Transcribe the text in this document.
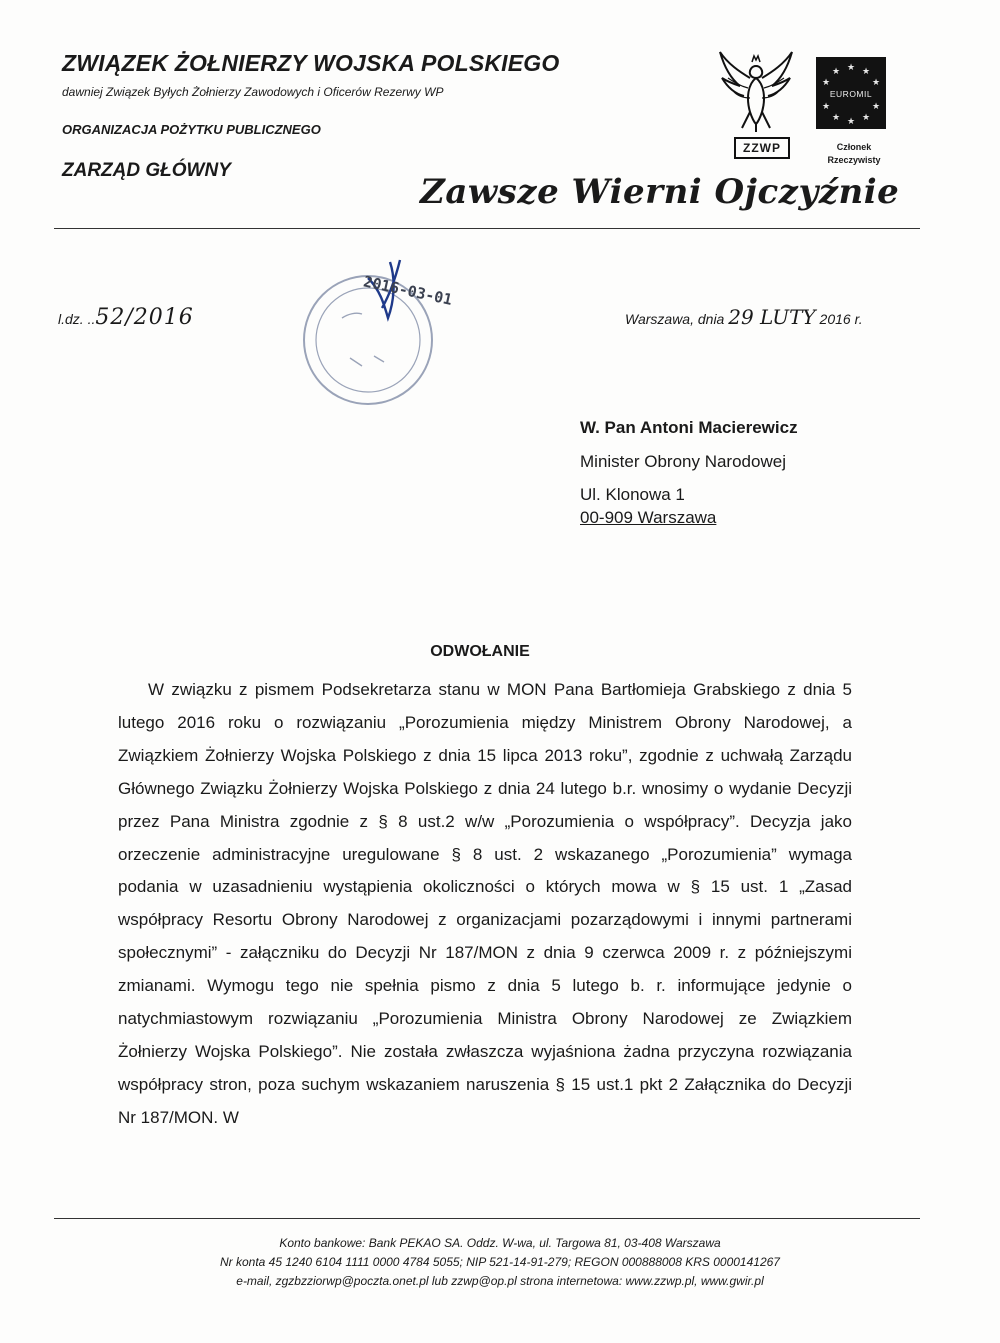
ZWIĄZEK ŻOŁNIERZY WOJSKA POLSKIEGO
dawniej Związek Byłych Żołnierzy Zawodowych i Oficerów Rezerwy WP
ORGANIZACJA POŻYTKU PUBLICZNEGO
ZARZĄD GŁÓWNY
ZZWP
★ ★
★
★
★
★
★
★
★
★
EUROMIL
Członek Rzeczywisty
Zawsze Wierni Ojczyźnie
l.dz. ..52/2016
2016-03-01
Warszawa, dnia 29 LUTY 2016 r.
W. Pan Antoni Macierewicz
Minister Obrony Narodowej
Ul. Klonowa 1
00-909 Warszawa
ODWOŁANIE
W związku z pismem Podsekretarza stanu w MON Pana Bartłomieja Grabskiego z dnia 5 lutego 2016 roku o rozwiązaniu „Porozumienia między Ministrem Obrony Narodowej, a Związkiem Żołnierzy Wojska Polskiego z dnia 15 lipca 2013 roku”, zgodnie z uchwałą Zarządu Głównego Związku Żołnierzy Wojska Polskiego z dnia 24 lutego b.r. wnosimy o wydanie Decyzji przez Pana Ministra zgodnie z § 8 ust.2 w/w „Porozumienia o współpracy”. Decyzja jako orzeczenie administracyjne uregulowane § 8 ust. 2 wskazanego „Porozumienia” wymaga podania w uzasadnieniu wystąpienia okoliczności o których mowa w § 15 ust. 1 „Zasad współpracy Resortu Obrony Narodowej z organizacjami pozarządowymi i innymi partnerami społecznymi” - załączniku do Decyzji Nr 187/MON z dnia 9 czerwca 2009 r. z późniejszymi zmianami. Wymogu tego nie spełnia pismo z dnia 5 lutego b. r. informujące jedynie o natychmiastowym rozwiązaniu „Porozumienia Ministra Obrony Narodowej ze Związkiem Żołnierzy Wojska Polskiego”. Nie została zwłaszcza wyjaśniona żadna przyczyna rozwiązania współpracy stron, poza suchym wskazaniem naruszenia § 15 ust.1 pkt 2 Załącznika do Decyzji Nr 187/MON. W
Konto bankowe: Bank PEKAO SA. Oddz. W-wa, ul. Targowa 81, 03-408 Warszawa
Nr konta 45 1240 6104 1111 0000 4784 5055; NIP 521-14-91-279; REGON 000888008 KRS 0000141267
e-mail, zgzbzziorwp@poczta.onet.pl lub zzwp@op.pl strona internetowa: www.zzwp.pl, www.gwir.pl
